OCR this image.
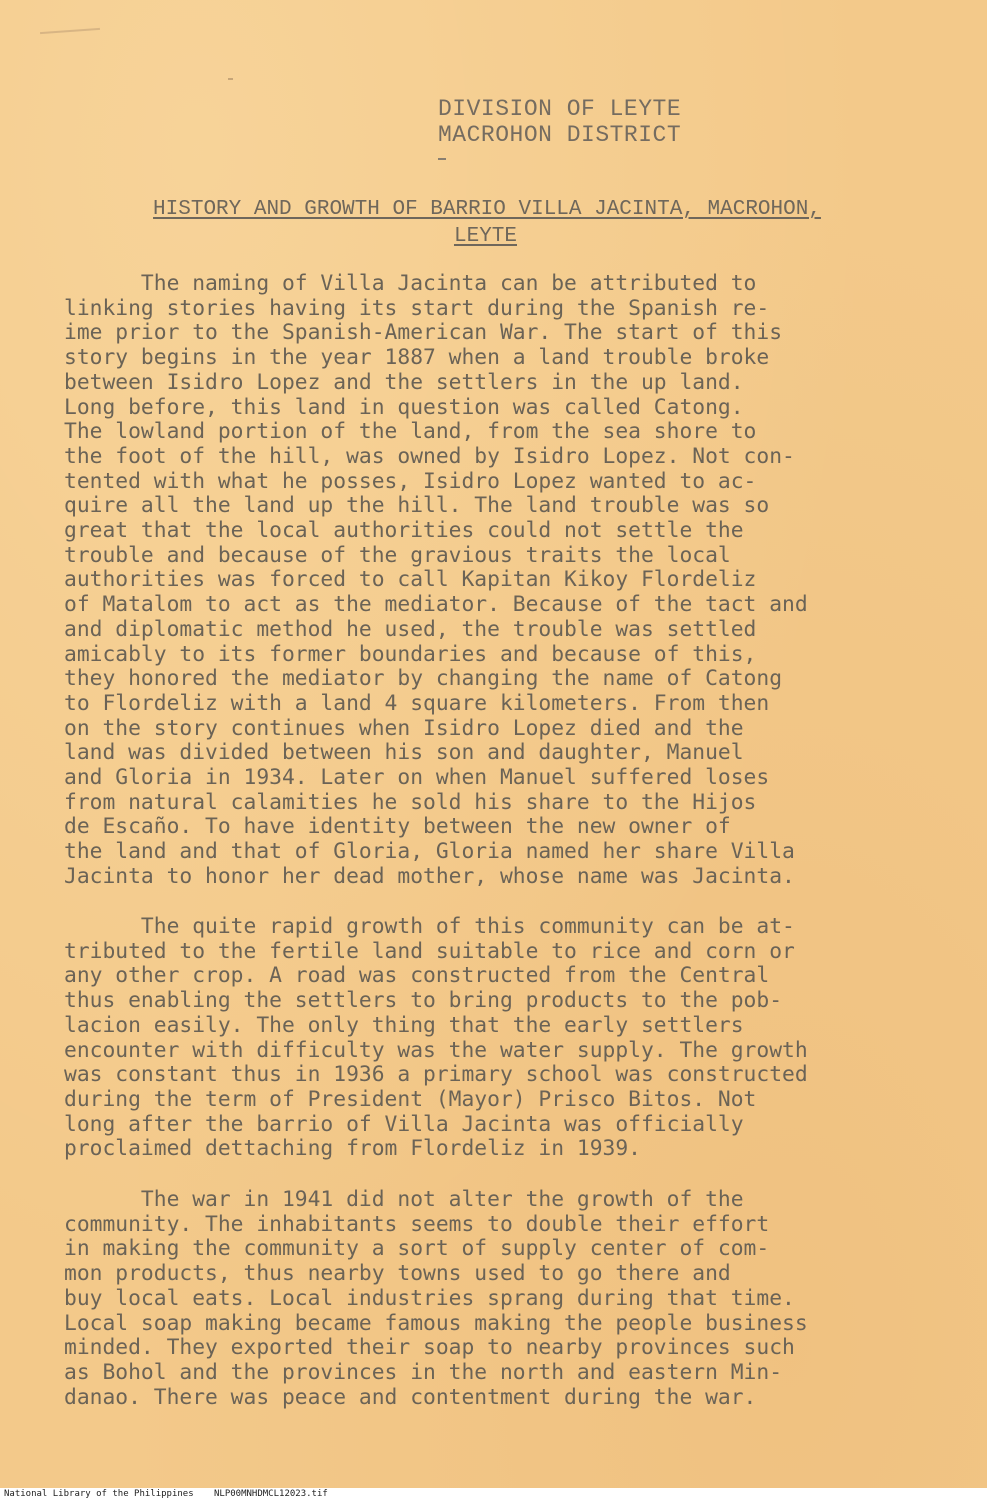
DIVISION OF LEYTE
MACROHON DISTRICT
HISTORY AND GROWTH OF BARRIO VILLA JACINTA, MACROHON,
LEYTE
The naming of Villa Jacinta can be attributed to
linking stories having its start during the Spanish re-
ime prior to the Spanish-American War. The start of this
story begins in the year 1887 when a land trouble broke
between Isidro Lopez and the settlers in the up land.
Long before, this land in question was called Catong.
The lowland portion of the land, from the sea shore to
the foot of the hill, was owned by Isidro Lopez. Not con-
tented with what he posses, Isidro Lopez wanted to ac-
quire all the land up the hill. The land trouble was so
great that the local authorities could not settle the
trouble and because of the gravious traits the local
authorities was forced to call Kapitan Kikoy Flordeliz
of Matalom to act as the mediator. Because of the tact and
and diplomatic method he used, the trouble was settled
amicably to its former boundaries and because of this,
they honored the mediator by changing the name of Catong
to Flordeliz with a land 4 square kilometers. From then
on the story continues when Isidro Lopez died and the
land was divided between his son and daughter, Manuel
and Gloria in 1934. Later on when Manuel suffered loses
from natural calamities he sold his share to the Hijos
de Escaño. To have identity between the new owner of
the land and that of Gloria, Gloria named her share Villa
Jacinta to honor her dead mother, whose name was Jacinta.
The quite rapid growth of this community can be at-
tributed to the fertile land suitable to rice and corn or
any other crop. A road was constructed from the Central
thus enabling the settlers to bring products to the pob-
lacion easily. The only thing that the early settlers
encounter with difficulty was the water supply. The growth
was constant thus in 1936 a primary school was constructed
during the term of President (Mayor) Prisco Bitos. Not
long after the barrio of Villa Jacinta was officially
proclaimed dettaching from Flordeliz in 1939.
The war in 1941 did not alter the growth of the
community. The inhabitants seems to double their effort
in making the community a sort of supply center of com-
mon products, thus nearby towns used to go there and
buy local eats. Local industries sprang during that time.
Local soap making became famous making the people business
minded. They exported their soap to nearby provinces such
as Bohol and the provinces in the north and eastern Min-
danao. There was peace and contentment during the war.
National Library of the Philippines NLP00MNHDMCL12023.tif
